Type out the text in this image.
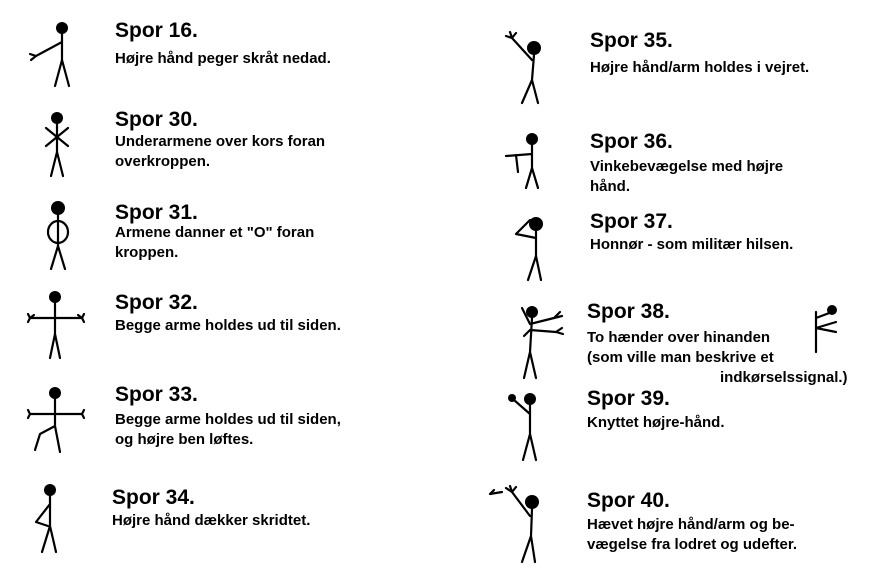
Spor 16.
Højre hånd peger skråt nedad.
Spor 30.
Underarmene over kors foran
overkroppen.
Spor 31.
Armene danner et "O" foran
kroppen.
Spor 32.
Begge arme holdes ud til siden.
Spor 33.
Begge arme holdes ud til siden,
og højre ben løftes.
Spor 34.
Højre hånd dækker skridtet.
Spor 35.
Højre hånd/arm holdes i vejret.
Spor 36.
Vinkebevægelse med højre
hånd.
Spor 37.
Honnør - som militær hilsen.
Spor 38.
To hænder over hinanden
(som ville man beskrive et
indkørselssignal.)
Spor 39.
Knyttet højre-hånd.
Spor 40.
Hævet højre hånd/arm og be-
vægelse fra lodret og udefter.
